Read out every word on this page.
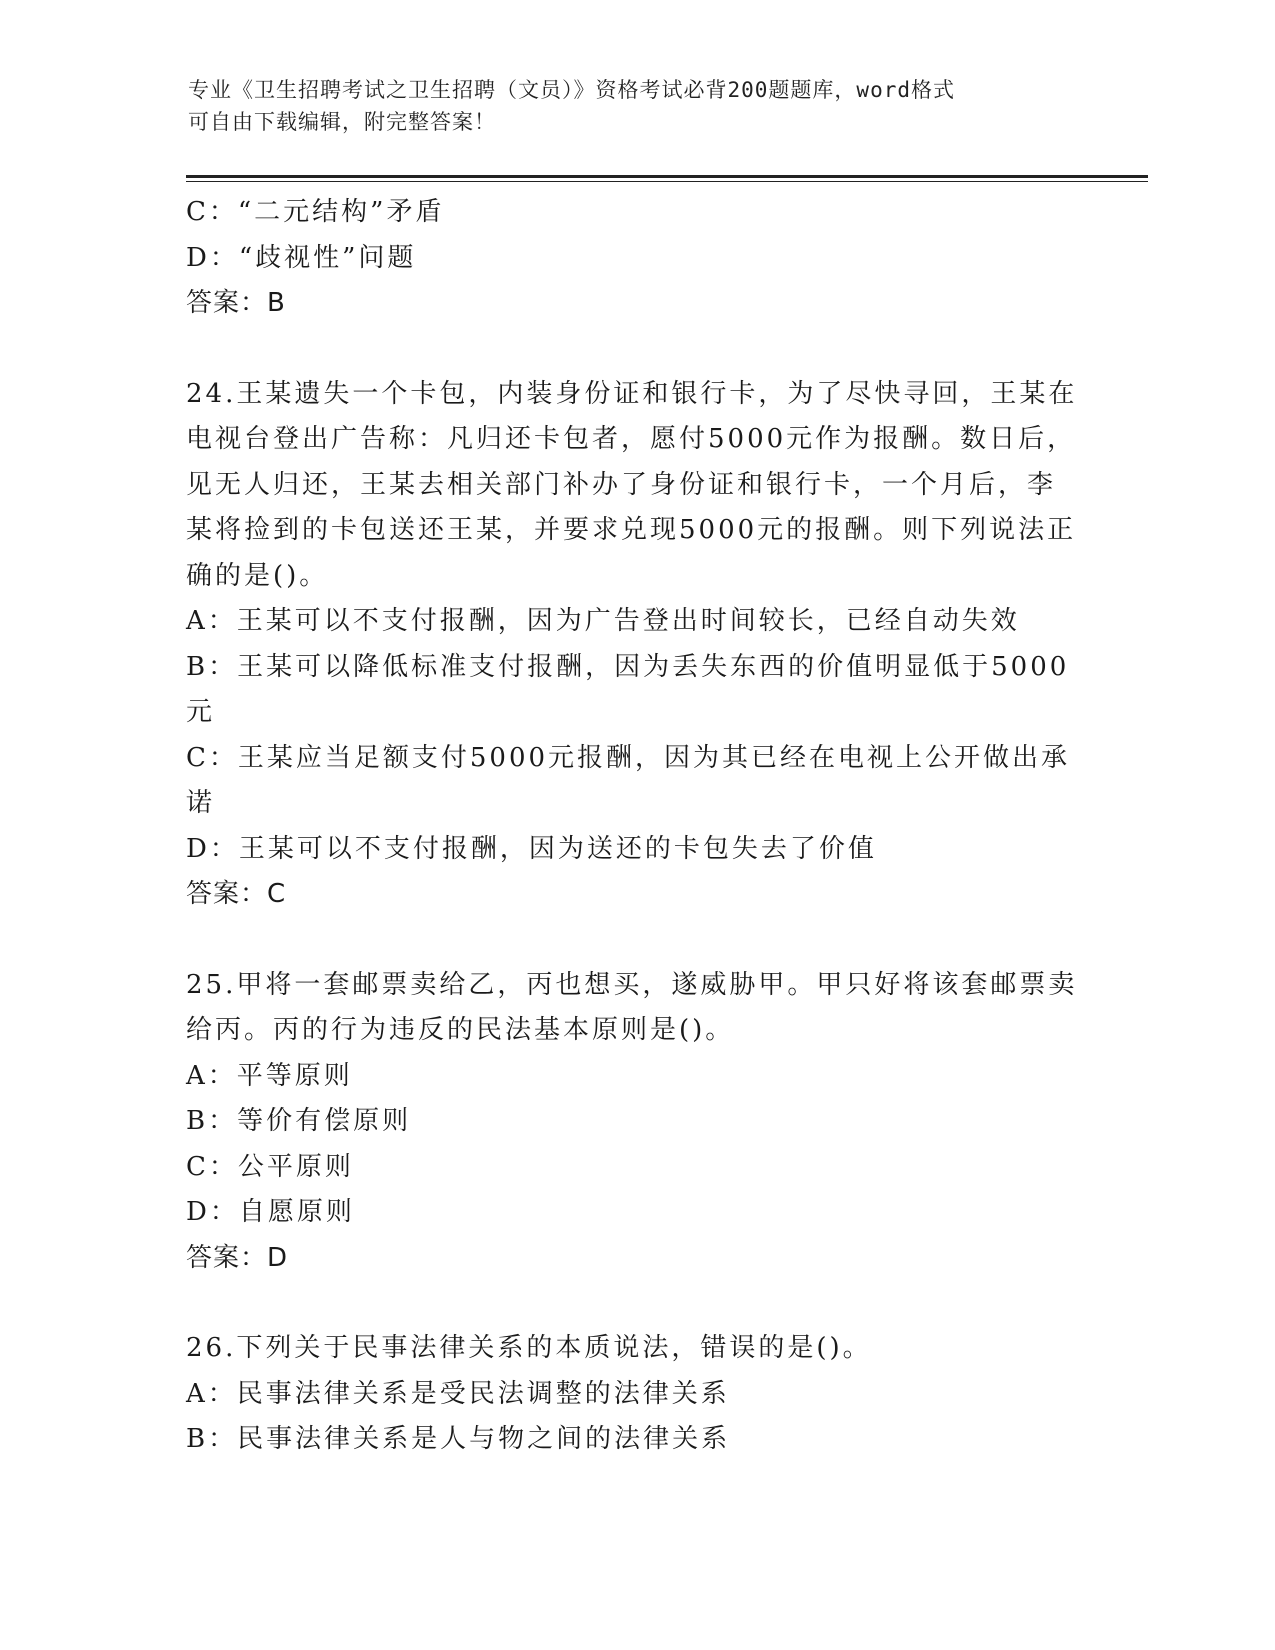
专业《卫生招聘考试之卫生招聘（文员）》资格考试必背200题题库，word格式
可自由下载编辑，附完整答案！
C：“二元结构”矛盾
D：“歧视性”问题
答案：B
24.王某遗失一个卡包，内装身份证和银行卡，为了尽快寻回，王某在
电视台登出广告称：凡归还卡包者，愿付5000元作为报酬。数日后，
见无人归还，王某去相关部门补办了身份证和银行卡，一个月后，李
某将捡到的卡包送还王某，并要求兑现5000元的报酬。则下列说法正
确的是()。
A：王某可以不支付报酬，因为广告登出时间较长，已经自动失效
B：王某可以降低标准支付报酬，因为丢失东西的价值明显低于5000
元
C：王某应当足额支付5000元报酬，因为其已经在电视上公开做出承
诺
D：王某可以不支付报酬，因为送还的卡包失去了价值
答案：C
25.甲将一套邮票卖给乙，丙也想买，遂威胁甲。甲只好将该套邮票卖
给丙。丙的行为违反的民法基本原则是()。
A：平等原则
B：等价有偿原则
C：公平原则
D：自愿原则
答案：D
26.下列关于民事法律关系的本质说法，错误的是()。
A：民事法律关系是受民法调整的法律关系
B：民事法律关系是人与物之间的法律关系
